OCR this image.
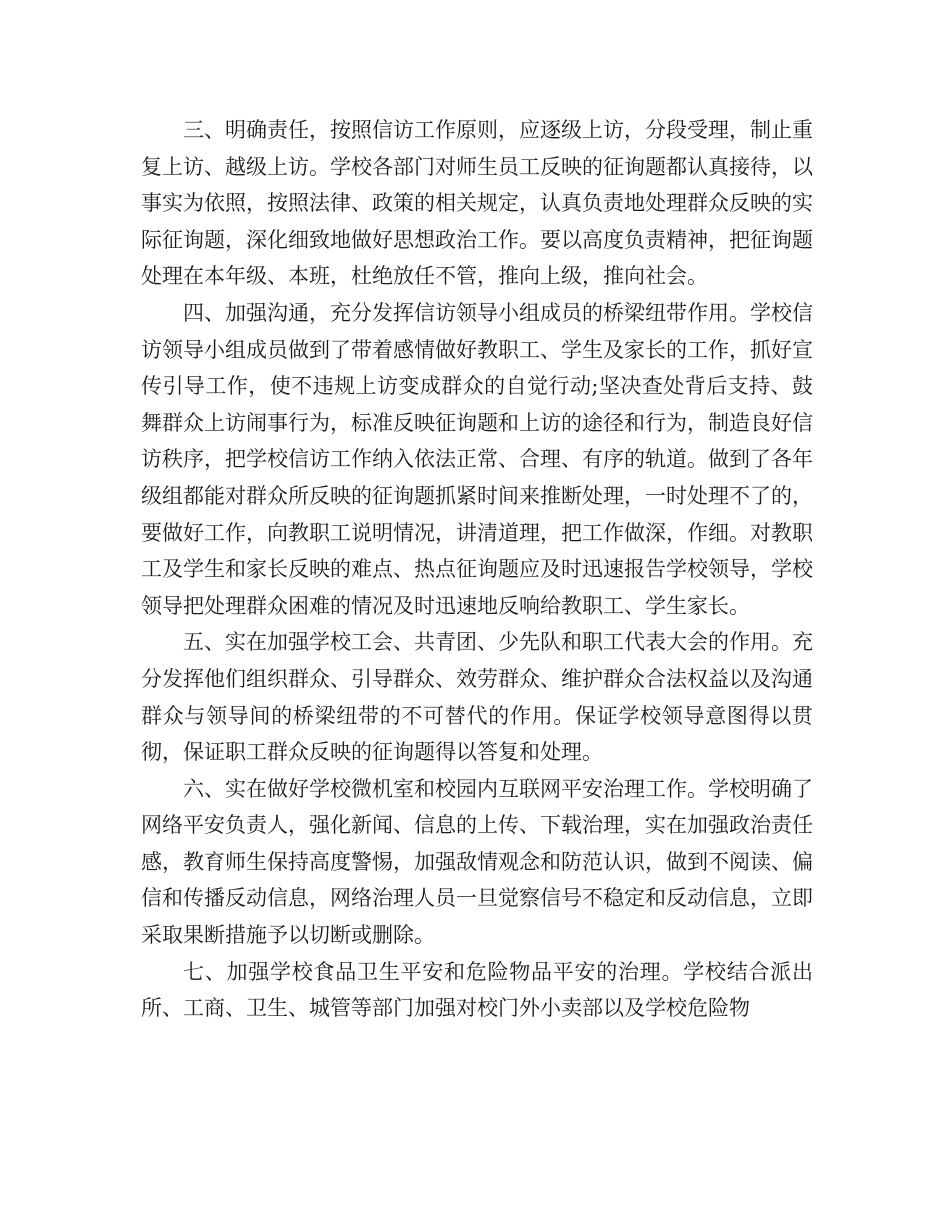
三、明确责任，按照信访工作原则，应逐级上访，分段受理，制止重复上访、越级上访。学校各部门对师生员工反映的征询题都认真接待，以事实为依照，按照法律、政策的相关规定，认真负责地处理群众反映的实际征询题，深化细致地做好思想政治工作。要以高度负责精神，把征询题处理在本年级、本班，杜绝放任不管，推向上级，推向社会。

四、加强沟通，充分发挥信访领导小组成员的桥梁纽带作用。学校信访领导小组成员做到了带着感情做好教职工、学生及家长的工作，抓好宣传引导工作，使不违规上访变成群众的自觉行动;坚决查处背后支持、鼓舞群众上访闹事行为，标准反映征询题和上访的途径和行为，制造良好信访秩序，把学校信访工作纳入依法正常、合理、有序的轨道。做到了各年级组都能对群众所反映的征询题抓紧时间来推断处理，一时处理不了的，要做好工作，向教职工说明情况，讲清道理，把工作做深，作细。对教职工及学生和家长反映的难点、热点征询题应及时迅速报告学校领导，学校领导把处理群众困难的情况及时迅速地反响给教职工、学生家长。

五、实在加强学校工会、共青团、少先队和职工代表大会的作用。充分发挥他们组织群众、引导群众、效劳群众、维护群众合法权益以及沟通群众与领导间的桥梁纽带的不可替代的作用。保证学校领导意图得以贯彻，保证职工群众反映的征询题得以答复和处理。

六、实在做好学校微机室和校园内互联网平安治理工作。学校明确了网络平安负责人，强化新闻、信息的上传、下载治理，实在加强政治责任感，教育师生保持高度警惕，加强敌情观念和防范认识，做到不阅读、偏信和传播反动信息，网络治理人员一旦觉察信号不稳定和反动信息，立即采取果断措施予以切断或删除。

七、加强学校食品卫生平安和危险物品平安的治理。学校结合派出所、工商、卫生、城管等部门加强对校门外小卖部以及学校危险物
